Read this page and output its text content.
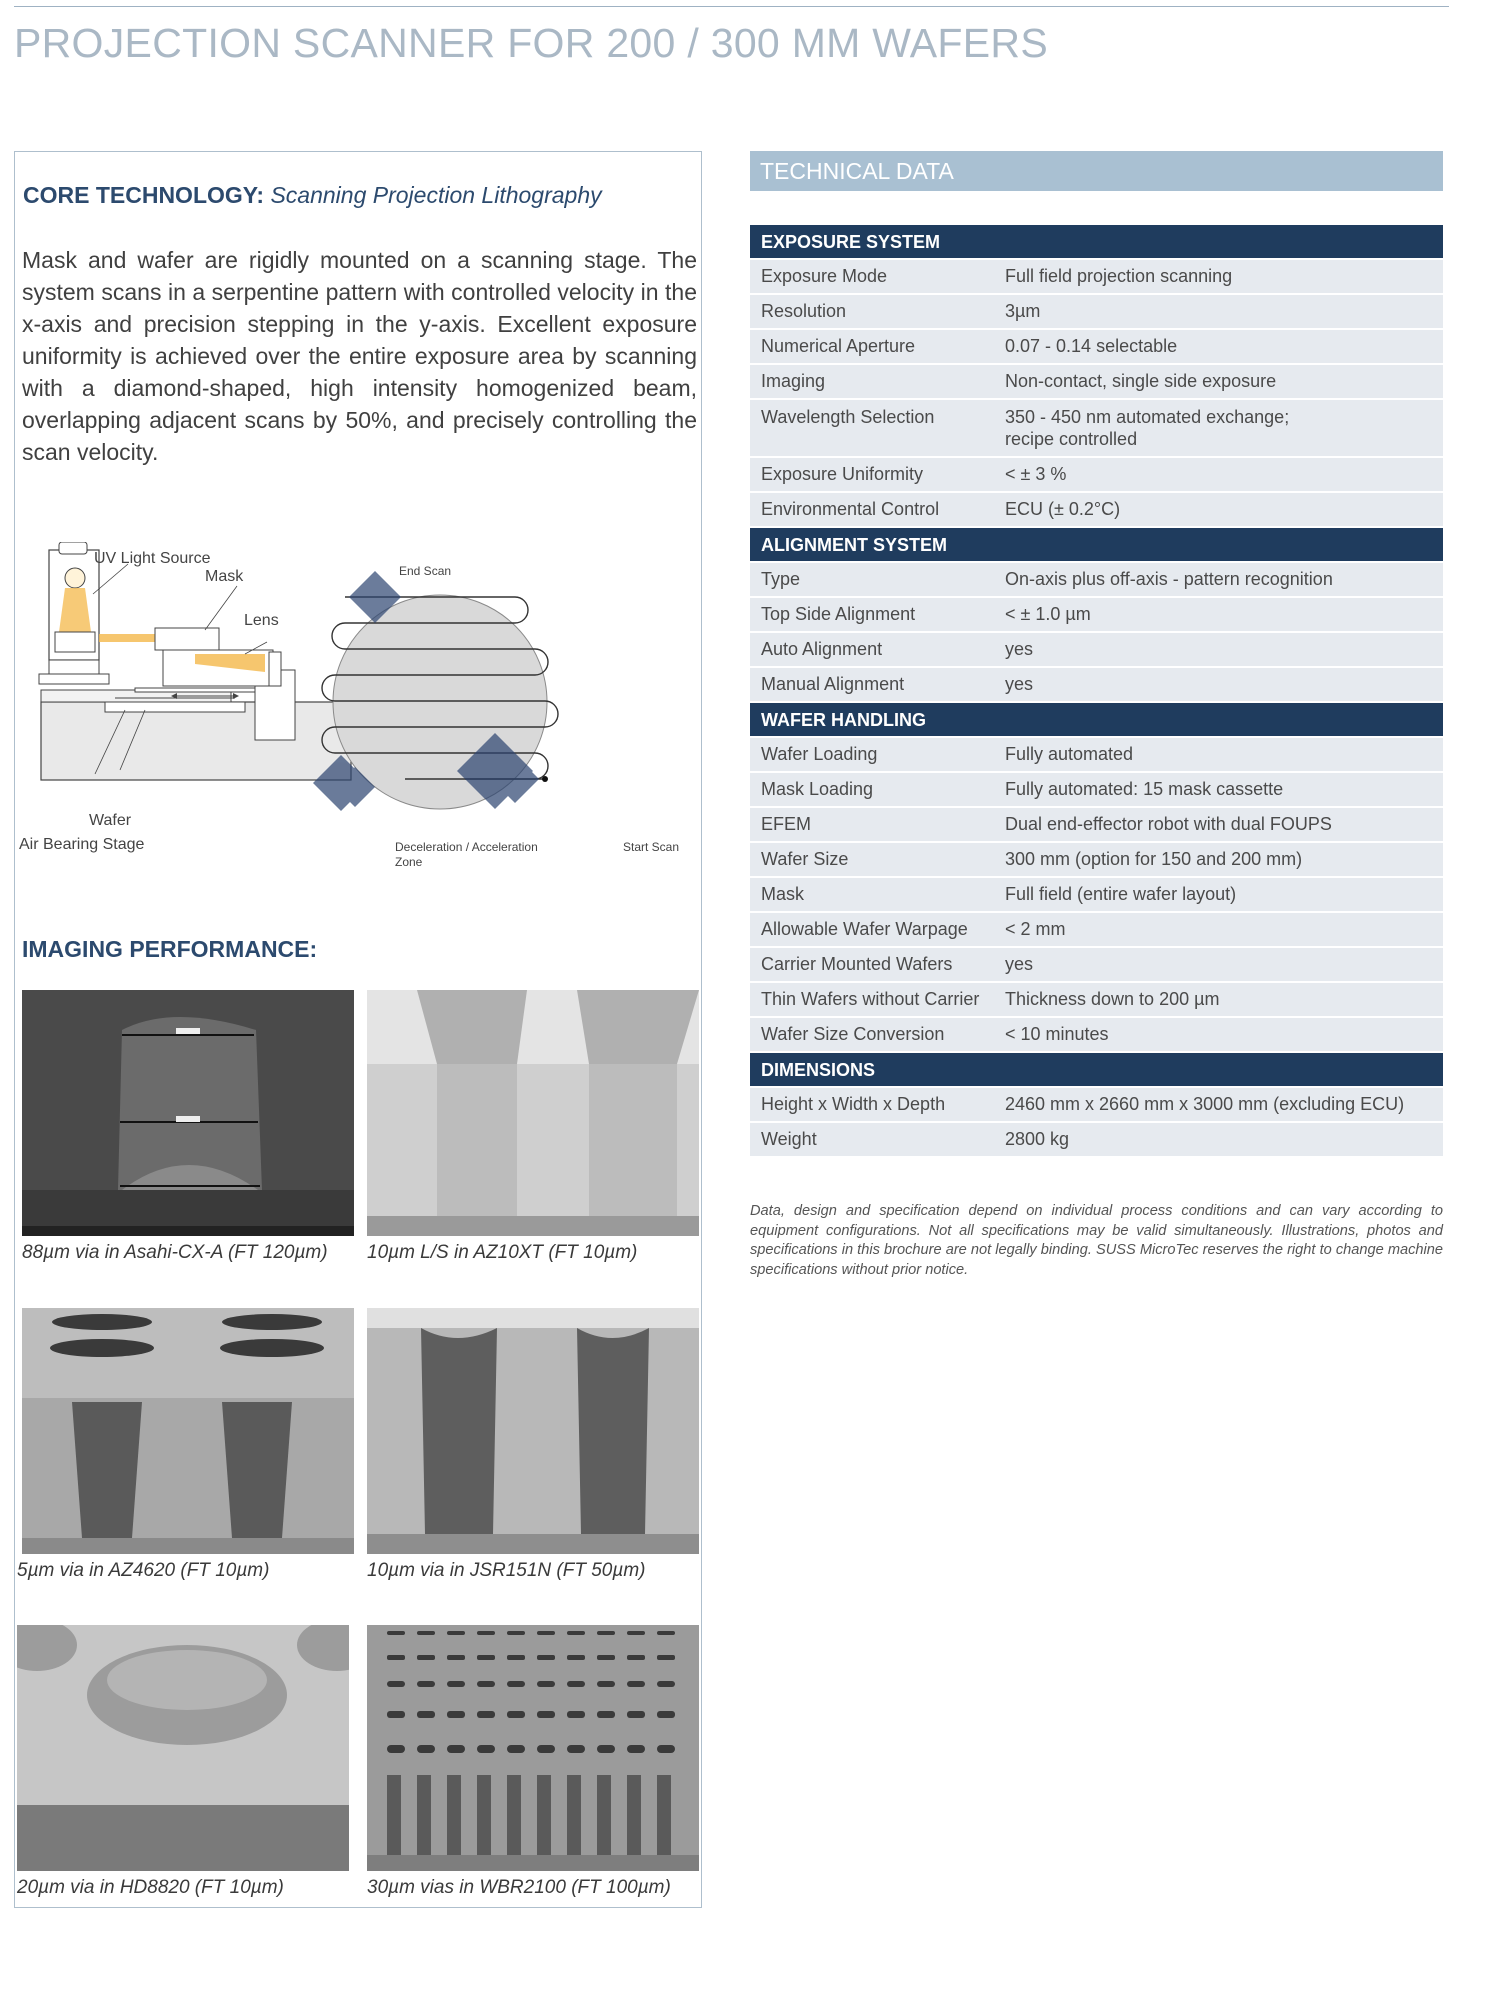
PROJECTION SCANNER FOR 200 / 300 MM WAFERS
CORE TECHNOLOGY: Scanning Projection Lithography
Mask and wafer are rigidly mounted on a scanning stage. The system scans in a serpentine pattern with controlled velocity in the x-axis and precision stepping in the y-axis. Excellent exposure uniformity is achieved over the entire exposure area by scanning with a diamond-shaped, high intensity homogenized beam, overlapping adjacent scans by 50%, and precisely controlling the scan velocity.
UV Light Source
Mask
Lens
Wafer
Air Bearing Stage
End Scan
Deceleration / Acceleration
Zone
Start Scan
IMAGING PERFORMANCE:
88µm via in Asahi-CX-A (FT 120µm) 10µm L/S in AZ10XT (FT 10µm)
5µm via in AZ4620 (FT 10µm)	10µm via in JSR151N (FT 50µm)
20µm via in HD8820 (FT 10µm)	30µm vias in WBR2100 (FT 100µm)
TECHNICAL DATA
EXPOSURE SYSTEM
Exposure Mode	Full field projection scanning
Resolution	3µm
Numerical Aperture	0.07 - 0.14 selectable
Imaging	Non-contact, single side exposure
Wavelength Selection	350 - 450 nm automated exchange;
recipe controlled
Exposure Uniformity	< ± 3 %
Environmental Control	ECU (± 0.2°C)
ALIGNMENT SYSTEM
Type	On-axis plus off-axis - pattern recognition
Top Side Alignment	< ± 1.0 µm
Auto Alignment	yes
Manual Alignment	yes
WAFER HANDLING
Wafer Loading	Fully automated
Mask Loading	Fully automated: 15 mask cassette
EFEM	Dual end-effector robot with dual FOUPS
Wafer Size	300 mm (option for 150 and 200 mm)
Mask	Full field (entire wafer layout)
Allowable Wafer Warpage	< 2 mm
Carrier Mounted Wafers	yes
Thin Wafers without Carrier	Thickness down to 200 µm
Wafer Size Conversion	< 10 minutes
DIMENSIONS
Height x Width x Depth	2460 mm x 2660 mm x 3000 mm (excluding ECU)
Weight	2800 kg
Data, design and specification depend on individual process conditions and can vary according to equipment configurations. Not all specifications may be valid simultaneously. Illustrations, photos and specifications in this brochure are not legally binding. SUSS MicroTec reserves the right to change machine specifications without prior notice.
